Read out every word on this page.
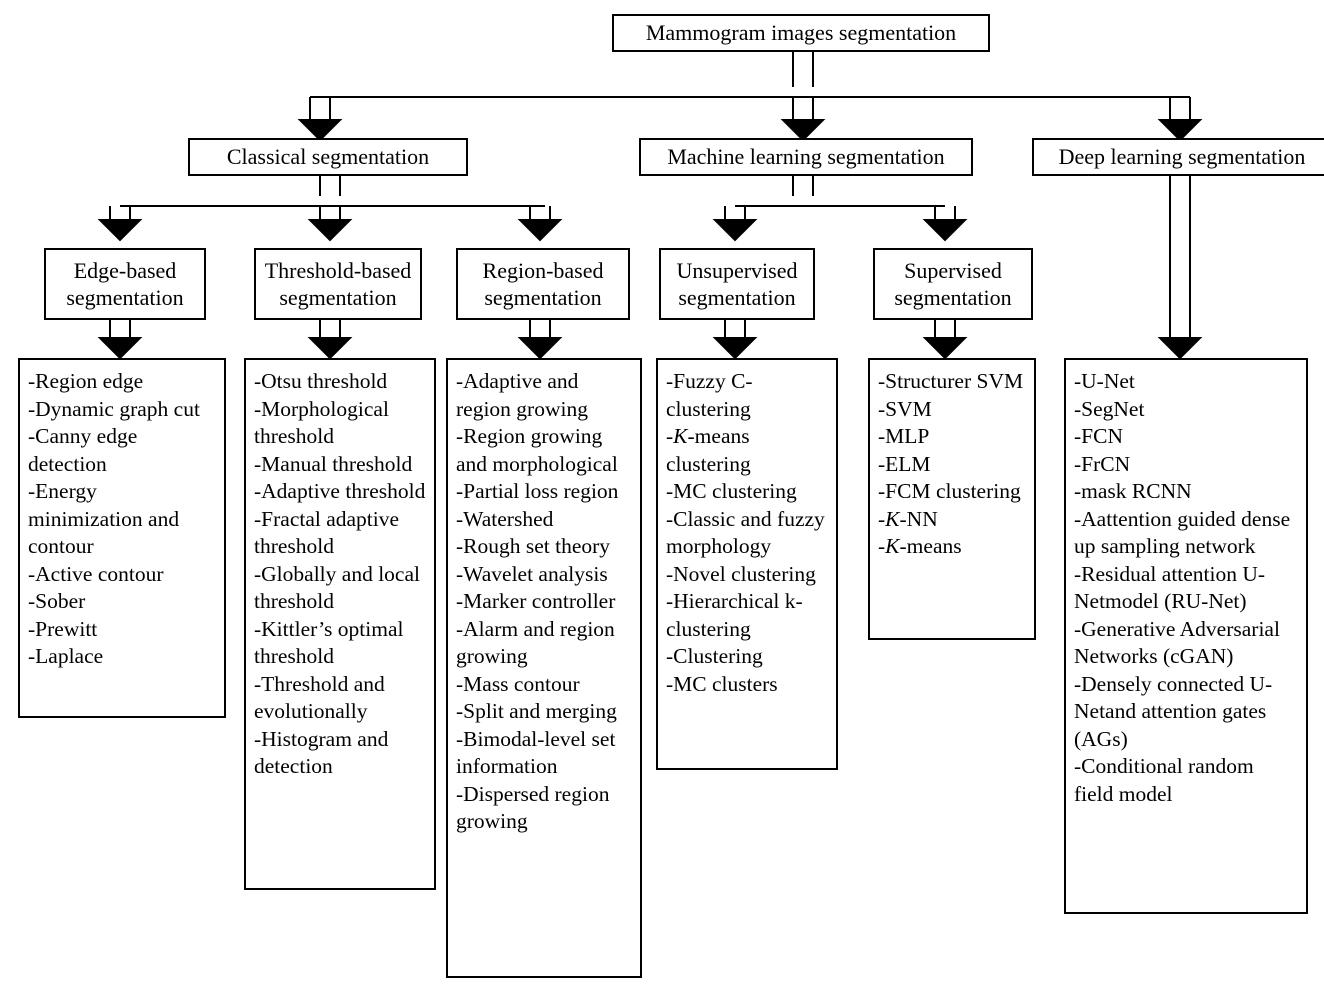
Mammogram images segmentation
Classical segmentation	Machine learning segmentation	Deep learning segmentation
Edge-based segmentation
Threshold-based segmentation
Region-based segmentation
Unsupervised segmentation
Supervised segmentation
-Region edge
-Dynamic graph cut
-Canny edge detection
-Energy minimization and contour
-Active contour
-Sober
-Prewitt
-Laplace
-Otsu threshold
-Morphological threshold
-Manual threshold
-Adaptive threshold
-Fractal adaptive threshold
-Globally and local threshold
-Kittler’s optimal threshold
-Threshold and evolutionally
-Histogram and detection
-Adaptive and region growing
-Region growing and morphological
-Partial loss region
-Watershed
-Rough set theory
-Wavelet analysis
-Marker controller
-Alarm and region growing
-Mass contour
-Split and merging
-Bimodal-level set information
-Dispersed region growing
-Fuzzy C-clustering
-K-means clustering
-MC clustering
-Classic and fuzzy morphology
-Novel clustering
-Hierarchical k-clustering
-Clustering
-MC clusters
-Structurer SVM
-SVM
-MLP
-ELM
-FCM clustering
-K-NN
-K-means
-U-Net
-SegNet
-FCN
-FrCN
-mask RCNN
-Aattention guided dense up sampling network
-Residual attention U-Netmodel (RU-Net)
-Generative Adversarial Networks (cGAN)
-Densely connected U-Netand attention gates (AGs)
-Conditional random field model
